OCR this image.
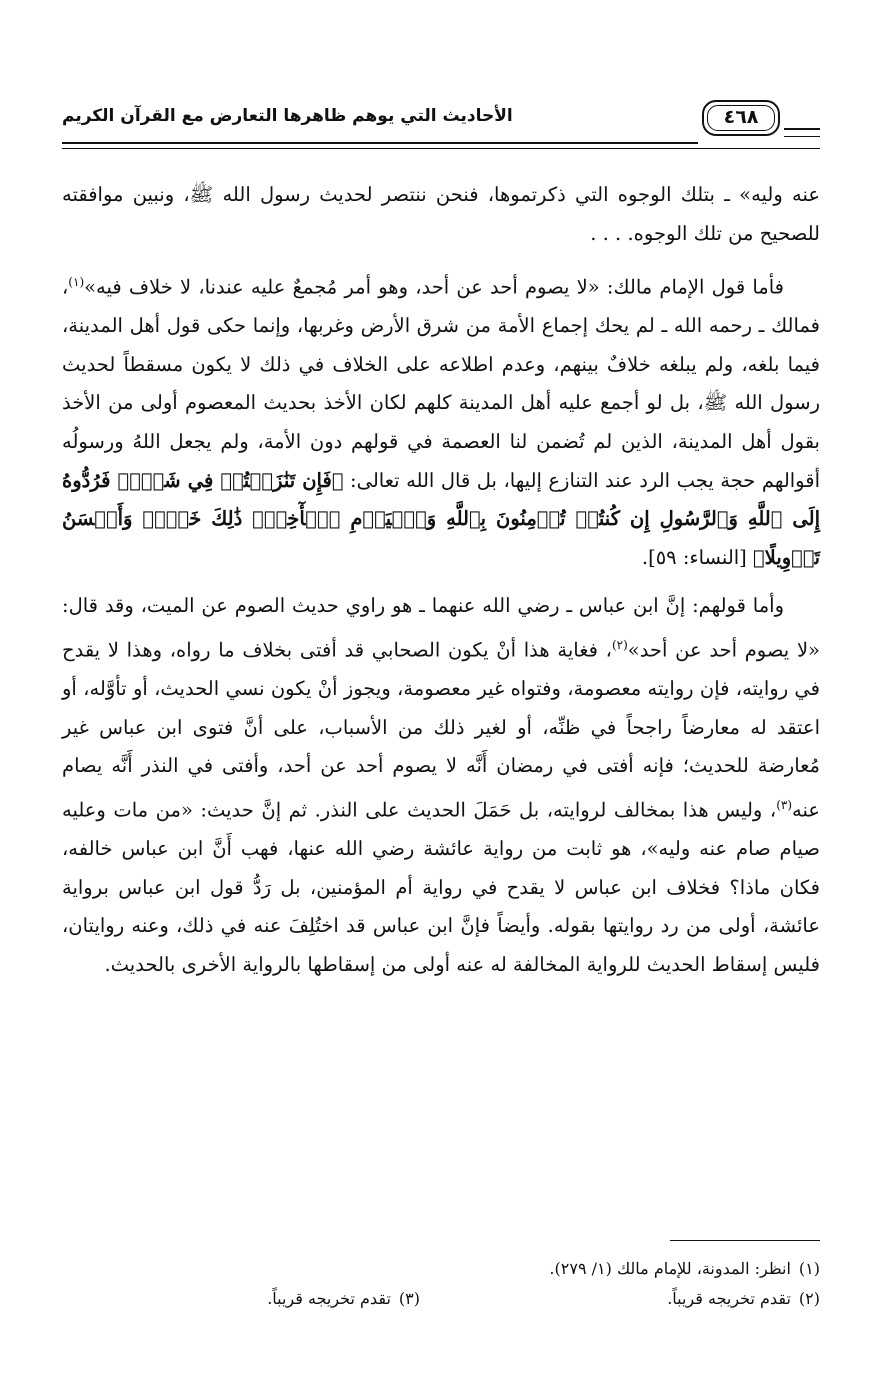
٤٦٨
الأحاديث التي يوهم ظاهرها التعارض مع القرآن الكريم

عنه وليه» ـ بتلك الوجوه التي ذكرتموها، فنحن ننتصر لحديث رسول الله ﷺ، ونبين موافقته للصحيح من تلك الوجوه. . . .

فأما قول الإمام مالك: «لا يصوم أحد عن أحد، وهو أمر مُجمعٌ عليه عندنا، لا خلاف فيه»$^{(١)}$، فمالك ـ رحمه الله ـ لم يحك إجماع الأمة من شرق الأرض وغربها، وإنما حكى قول أهل المدينة، فيما بلغه، ولم يبلغه خلافٌ بينهم، وعدم اطلاعه على الخلاف في ذلك لا يكون مسقطاً لحديث رسول الله ﷺ، بل لو أجمع عليه أهل المدينة كلهم لكان الأخذ بحديث المعصوم أولى من الأخذ بقول أهل المدينة، الذين لم تُضمن لنا العصمة في قولهم دون الأمة، ولم يجعل اللهُ ورسولُه أقوالهم حجة يجب الرد عند التنازع إليها، بل قال الله تعالى: ﴿فَإِن تَنَٰزَعۡتُمۡ فِي شَيۡءٖ فَرُدُّوهُ إِلَى ٱللَّهِ وَٱلرَّسُولِ إِن كُنتُمۡ تُؤۡمِنُونَ بِٱللَّهِ وَٱلۡيَوۡمِ ٱلۡأٓخِرِۚ ذَٰلِكَ خَيۡرٞ وَأَحۡسَنُ تَأۡوِيلًا﴾ [النساء: ٥٩].

وأما قولهم: إنَّ ابن عباس ـ رضي الله عنهما ـ هو راوي حديث الصوم عن الميت، وقد قال: «لا يصوم أحد عن أحد»$^{(٢)}$، فغاية هذا أنْ يكون الصحابي قد أفتى بخلاف ما رواه، وهذا لا يقدح في روايته، فإن روايته معصومة، وفتواه غير معصومة، ويجوز أنْ يكون نسي الحديث، أو تأوَّله، أو اعتقد له معارضاً راجحاً في ظنِّه، أو لغير ذلك من الأسباب، على أنَّ فتوى ابن عباس غير مُعارضة للحديث؛ فإنه أفتى في رمضان أَنَّه لا يصوم أحد عن أحد، وأفتى في النذر أَنَّه يصام عنه$^{(٣)}$، وليس هذا بمخالف لروايته، بل حَمَلَ الحديث على النذر. ثم إنَّ حديث: «من مات وعليه صيام صام عنه وليه»، هو ثابت من رواية عائشة رضي الله عنها، فهب أَنَّ ابن عباس خالفه، فكان ماذا؟ فخلاف ابن عباس لا يقدح في رواية أم المؤمنين، بل رَدُّ قول ابن عباس برواية عائشة، أولى من رد روايتها بقوله. وأيضاً فإنَّ ابن عباس قد اختُلِفَ عنه في ذلك، وعنه روايتان، فليس إسقاط الحديث للرواية المخالفة له عنه أولى من إسقاطها بالرواية الأخرى بالحديث.

(١)انظر: المدونة، للإمام مالك (١/ ٢٧٩).
(٢)تقدم تخريجه قريباً.
(٣)تقدم تخريجه قريباً.
